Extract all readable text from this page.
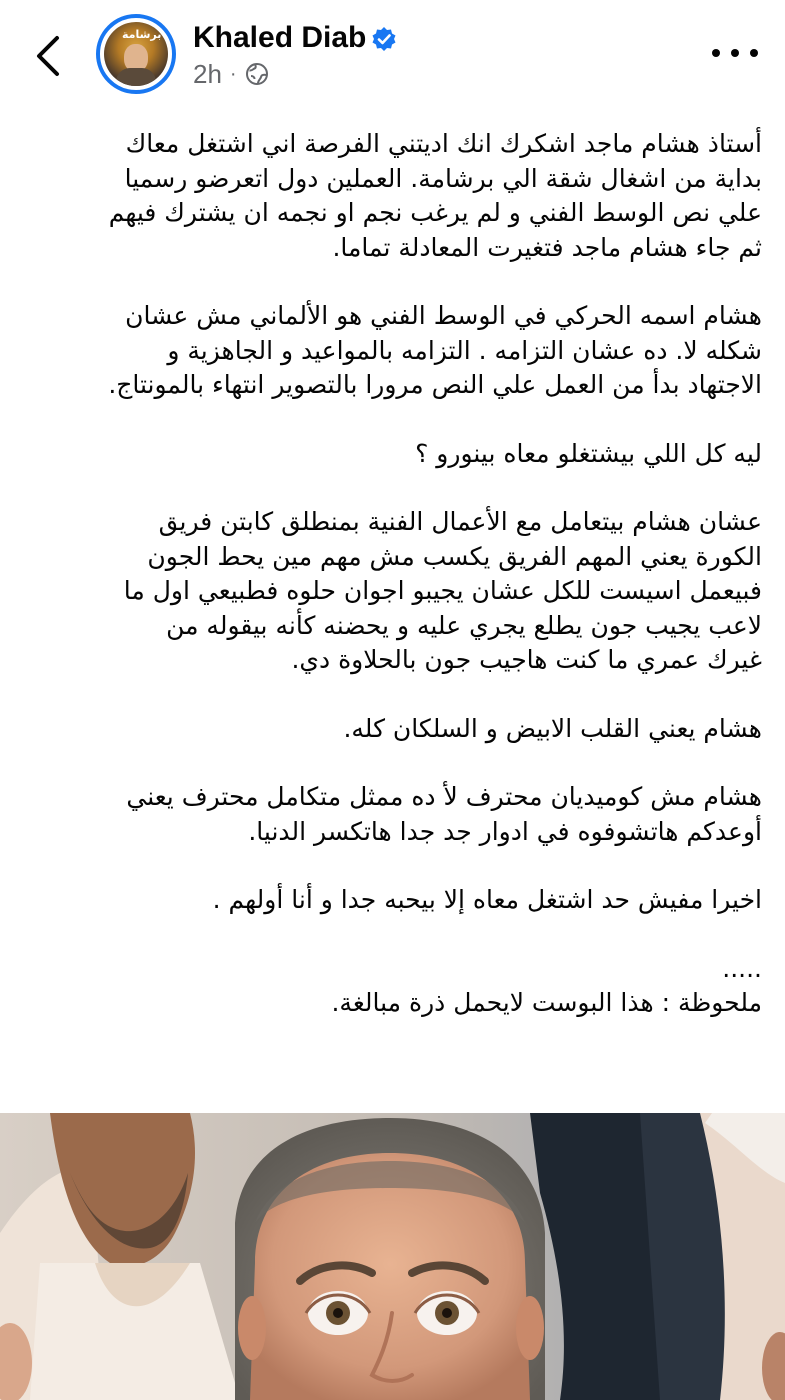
برشامة Khaled Diab
2h ·
أستاذ هشام ماجد اشكرك انك اديتني الفرصة اني اشتغل معاك
بداية من اشغال شقة الي برشامة. العملين دول اتعرضو رسميا
علي نص الوسط الفني و لم يرغب نجم او نجمه ان يشترك فيهم
ثم جاء هشام ماجد فتغيرت المعادلة تماما.
هشام اسمه الحركي في الوسط الفني هو الألماني مش عشان
شكله لا. ده عشان التزامه . التزامه بالمواعيد و الجاهزية و
الاجتهاد بدأ من العمل علي النص مرورا بالتصوير انتهاء بالمونتاج.
ليه كل اللي بيشتغلو معاه بينورو ؟
عشان هشام بيتعامل مع الأعمال الفنية بمنطلق كابتن فريق
الكورة يعني المهم الفريق يكسب مش مهم مين يحط الجون
فبيعمل اسيست للكل عشان يجيبو اجوان حلوه فطبيعي اول ما
لاعب يجيب جون يطلع يجري عليه و يحضنه كأنه بيقوله من
غيرك عمري ما كنت هاجيب جون بالحلاوة دي.
هشام يعني القلب الابيض و السلكان كله.
هشام مش كوميديان محترف لأ ده ممثل متكامل محترف يعني
أوعدكم هاتشوفوه في ادوار جد جدا هاتكسر الدنيا.
اخيرا مفيش حد اشتغل معاه إلا بيحبه جدا و أنا أولهم .
.....
ملحوظة : هذا البوست لايحمل ذرة مبالغة.
